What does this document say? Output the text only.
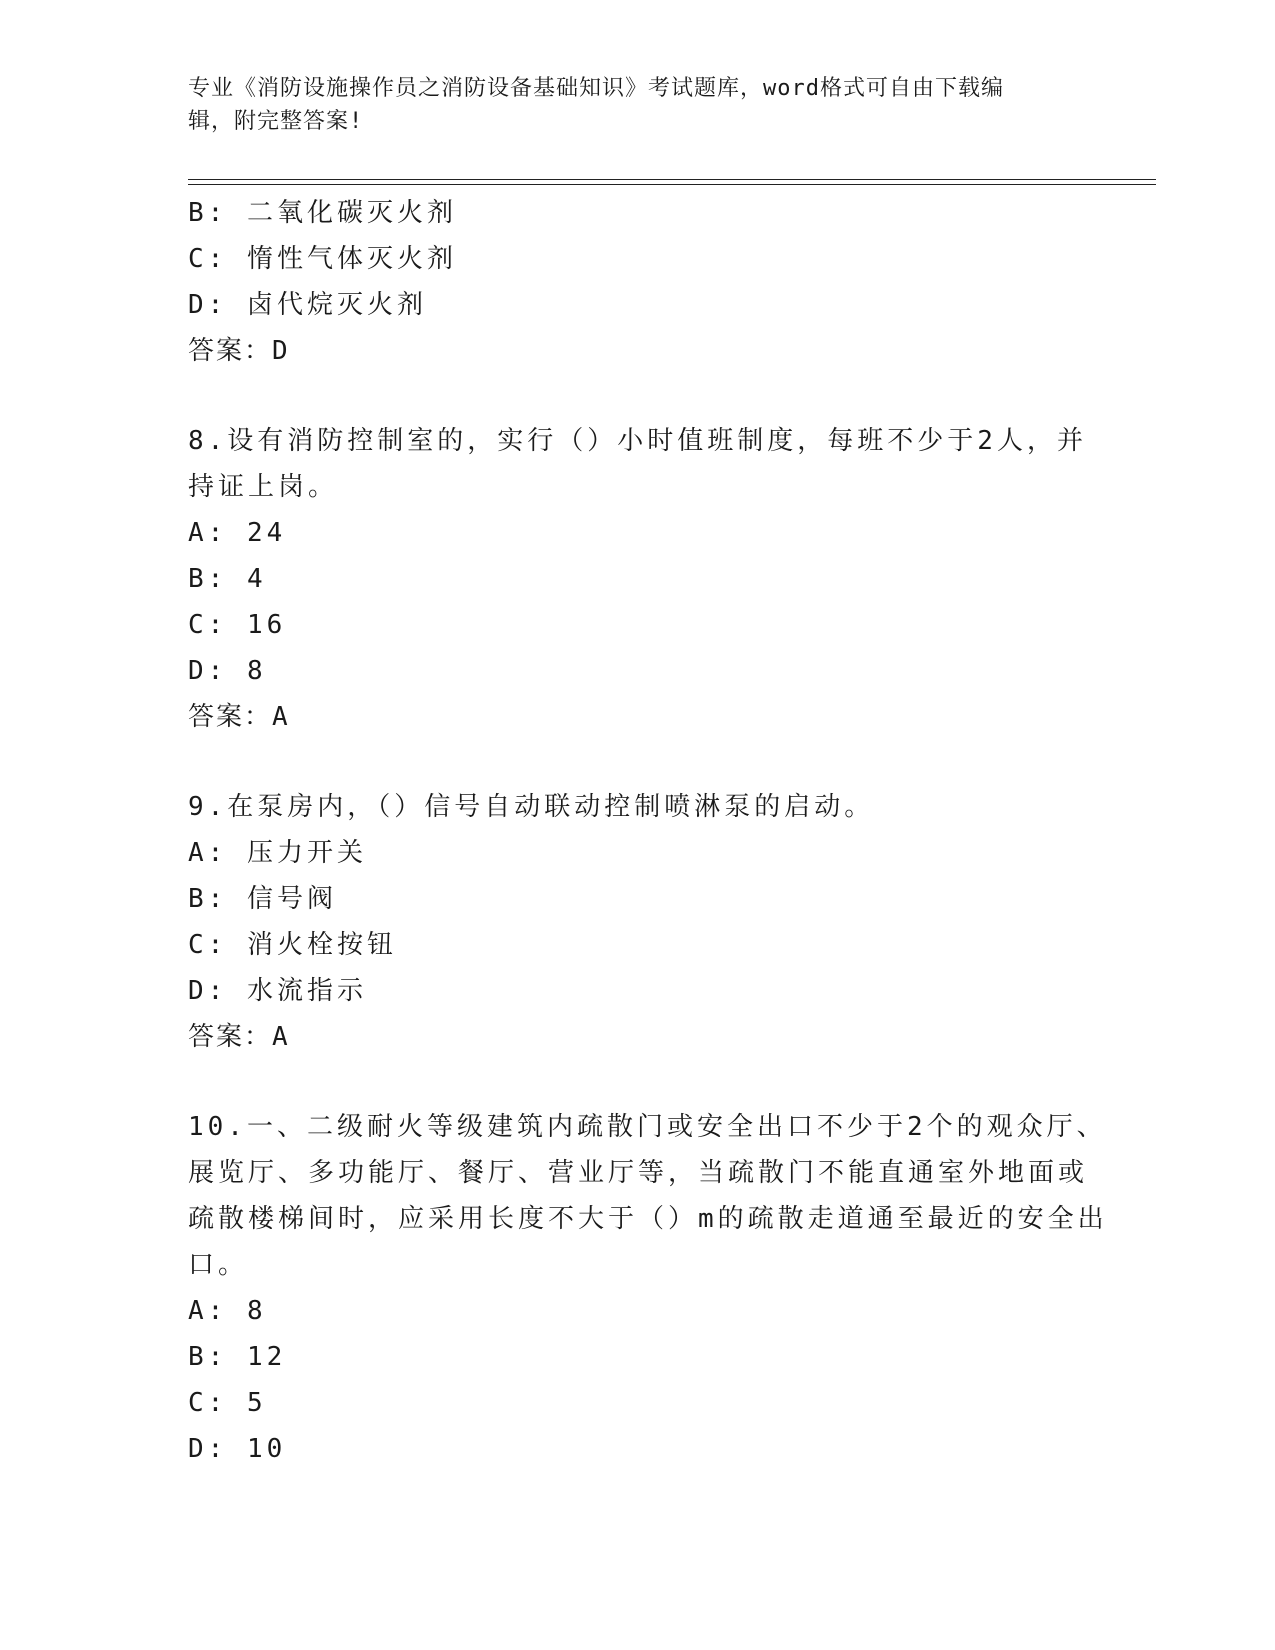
专业《消防设施操作员之消防设备基础知识》考试题库，word格式可自由下载编
辑，附完整答案!
B: 二氧化碳灭火剂
C: 惰性气体灭火剂
D: 卤代烷灭火剂
答案：D
8.设有消防控制室的，实行（）小时值班制度，每班不少于2人，并
持证上岗。
A: 24
B: 4
C: 16
D: 8
答案：A
9.在泵房内，（）信号自动联动控制喷淋泵的启动。
A: 压力开关
B: 信号阀
C: 消火栓按钮
D: 水流指示
答案：A
10.一、二级耐火等级建筑内疏散门或安全出口不少于2个的观众厅、
展览厅、多功能厅、餐厅、营业厅等，当疏散门不能直通室外地面或
疏散楼梯间时，应采用长度不大于（）m的疏散走道通至最近的安全出
口。
A: 8
B: 12
C: 5
D: 10
